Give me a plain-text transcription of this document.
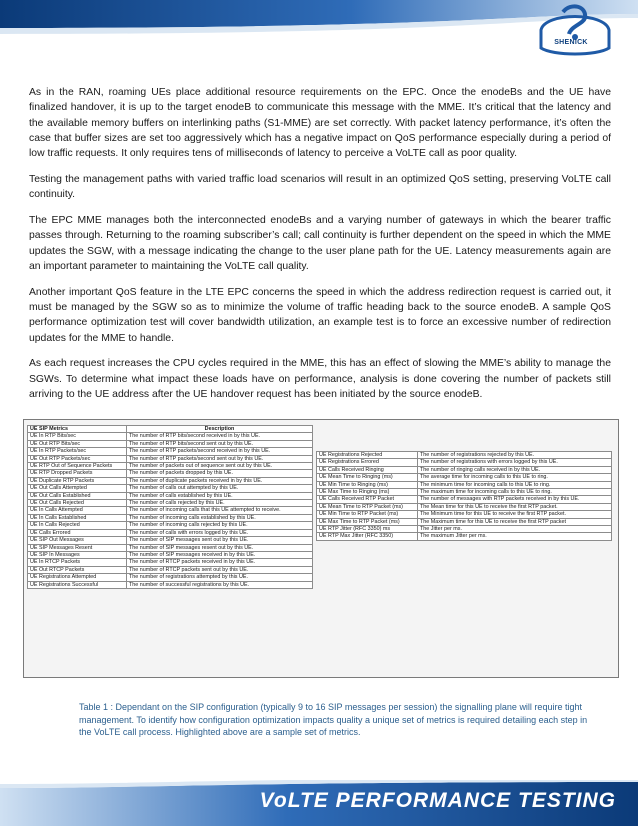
SHENICK

As in the RAN, roaming UEs place additional resource requirements on the EPC. Once the enodeBs and the UE have finalized handover, it is up to the target enodeB to communicate this message with the MME. It’s critical that the latency and the available memory buffers on interlinking paths (S1-MME) are set correctly. With packet latency performance, it’s often the case that buffer sizes are set too aggressively which has a negative impact on QoS performance especially during a period of low traffic requests. It only requires tens of milliseconds of latency to perceive a VoLTE call as poor quality.

Testing the management paths with varied traffic load scenarios will result in an optimized QoS setting, preserving VoLTE call continuity.

The EPC MME manages both the interconnected enodeBs and a varying number of gateways in which the bearer traffic passes through. Returning to the roaming subscriber’s call; call continuity is further dependent on the speed in which the MME updates the SGW, with a message indicating the change to the user plane path for the UE. Latency measurements again are an important parameter to maintaining the VoLTE call quality.

Another important QoS feature in the LTE EPC concerns the speed in which the address redirection request is carried out, it must be managed by the SGW so as to minimize the volume of traffic heading back to the source enodeB. A sample QoS performance optimization test will cover bandwidth utilization, an example test is to force an excessive number of redirection updates for the MME to handle.

As each request increases the CPU cycles required in the MME, this has an effect of slowing the MME’s ability to manage the SGWs. To determine what impact these loads have on performance, analysis is done covering the number of packets still arriving to the UE address after the UE handover request has been initiated by the source enodeB.

UE SIP Metrics	Description
UE In RTP Bits/sec	The number of RTP bits/second received in by this UE.
UE Out RTP Bits/sec	The number of RTP bits/second sent out by this UE.
UE In RTP Packets/sec	The number of RTP packets/second received in by this UE.
UE Out RTP Packets/sec	The number of RTP packets/second sent out by this UE.
UE RTP Out of Sequence Packets	The number of packets out of sequence sent out by this UE.
UE RTP Dropped Packets	The number of packets dropped by this UE.
UE Duplicate RTP Packets	The number of duplicate packets received in by this UE.
UE Out Calls Attempted	The number of calls out attempted by this UE.
UE Out Calls Established	The number of calls established by this UE.
UE Out Calls Rejected	The number of calls rejected by this UE.
UE In Calls Attempted	The number of incoming calls that this UE attempted to receive.
UE In Calls Established	The number of incoming calls established by this UE.
UE In Calls Rejected	The number of incoming calls rejected by this UE.
UE Calls Errored	The number of calls with errors logged by this UE.
UE SIP Out Messages	The number of SIP messages sent out by this UE.
UE SIP Messages Resent	The number of SIP messages resent out by this UE.
UE SIP In Messages	The number of SIP messages received in by this UE.
UE In RTCP Packets	The number of RTCP packets received in by this UE.
UE Out RTCP Packets	The number of RTCP packets sent out by this UE.
UE Registrations Attempted	The number of registrations attempted by this UE.
UE Registrations Successful	The number of successful registrations by this UE.
UE Registrations Rejected	The number of registrations rejected by this UE.
UE Registrations Errored	The number of registrations with errors logged by this UE.
UE Calls Received Ringing	The number of ringing calls received in by this UE.
UE Mean Time to Ringing (ms)	The average time for incoming calls to this UE to ring.
UE Min Time to Ringing (ms)	The minimum time for incoming calls to this UE to ring.
UE Max Time to Ringing (ms)	The maximum time for incoming calls to this UE to ring.
UE Calls Received RTP Packet	The number of messages with RTP packets received in by this UE.
UE Mean Time to RTP Packet (ms)	The Mean time for this UE to receive the first RTP packet.
UE Min Time to RTP Packet (ms)	The Minimum time for this UE to receive the first RTP packet.
UE Max Time to RTP Packet (ms)	The Maximum time for this UE to receive the first RTP packet
UE RTP Jitter (RFC 3350) ms	The Jitter per ms.
UE RTP Max Jitter (RFC 3350)	The maximum Jitter per ms.
Table 1 : Dependant on the SIP configuration (typically 9 to 16 SIP messages per session) the signalling plane will require tight management. To identify how configuration optimization impacts quality a unique set of metrics is required detailing each step in the VoLTE call process. Highlighted above are a sample set of metrics.
VoLTE PERFORMANCE TESTING
